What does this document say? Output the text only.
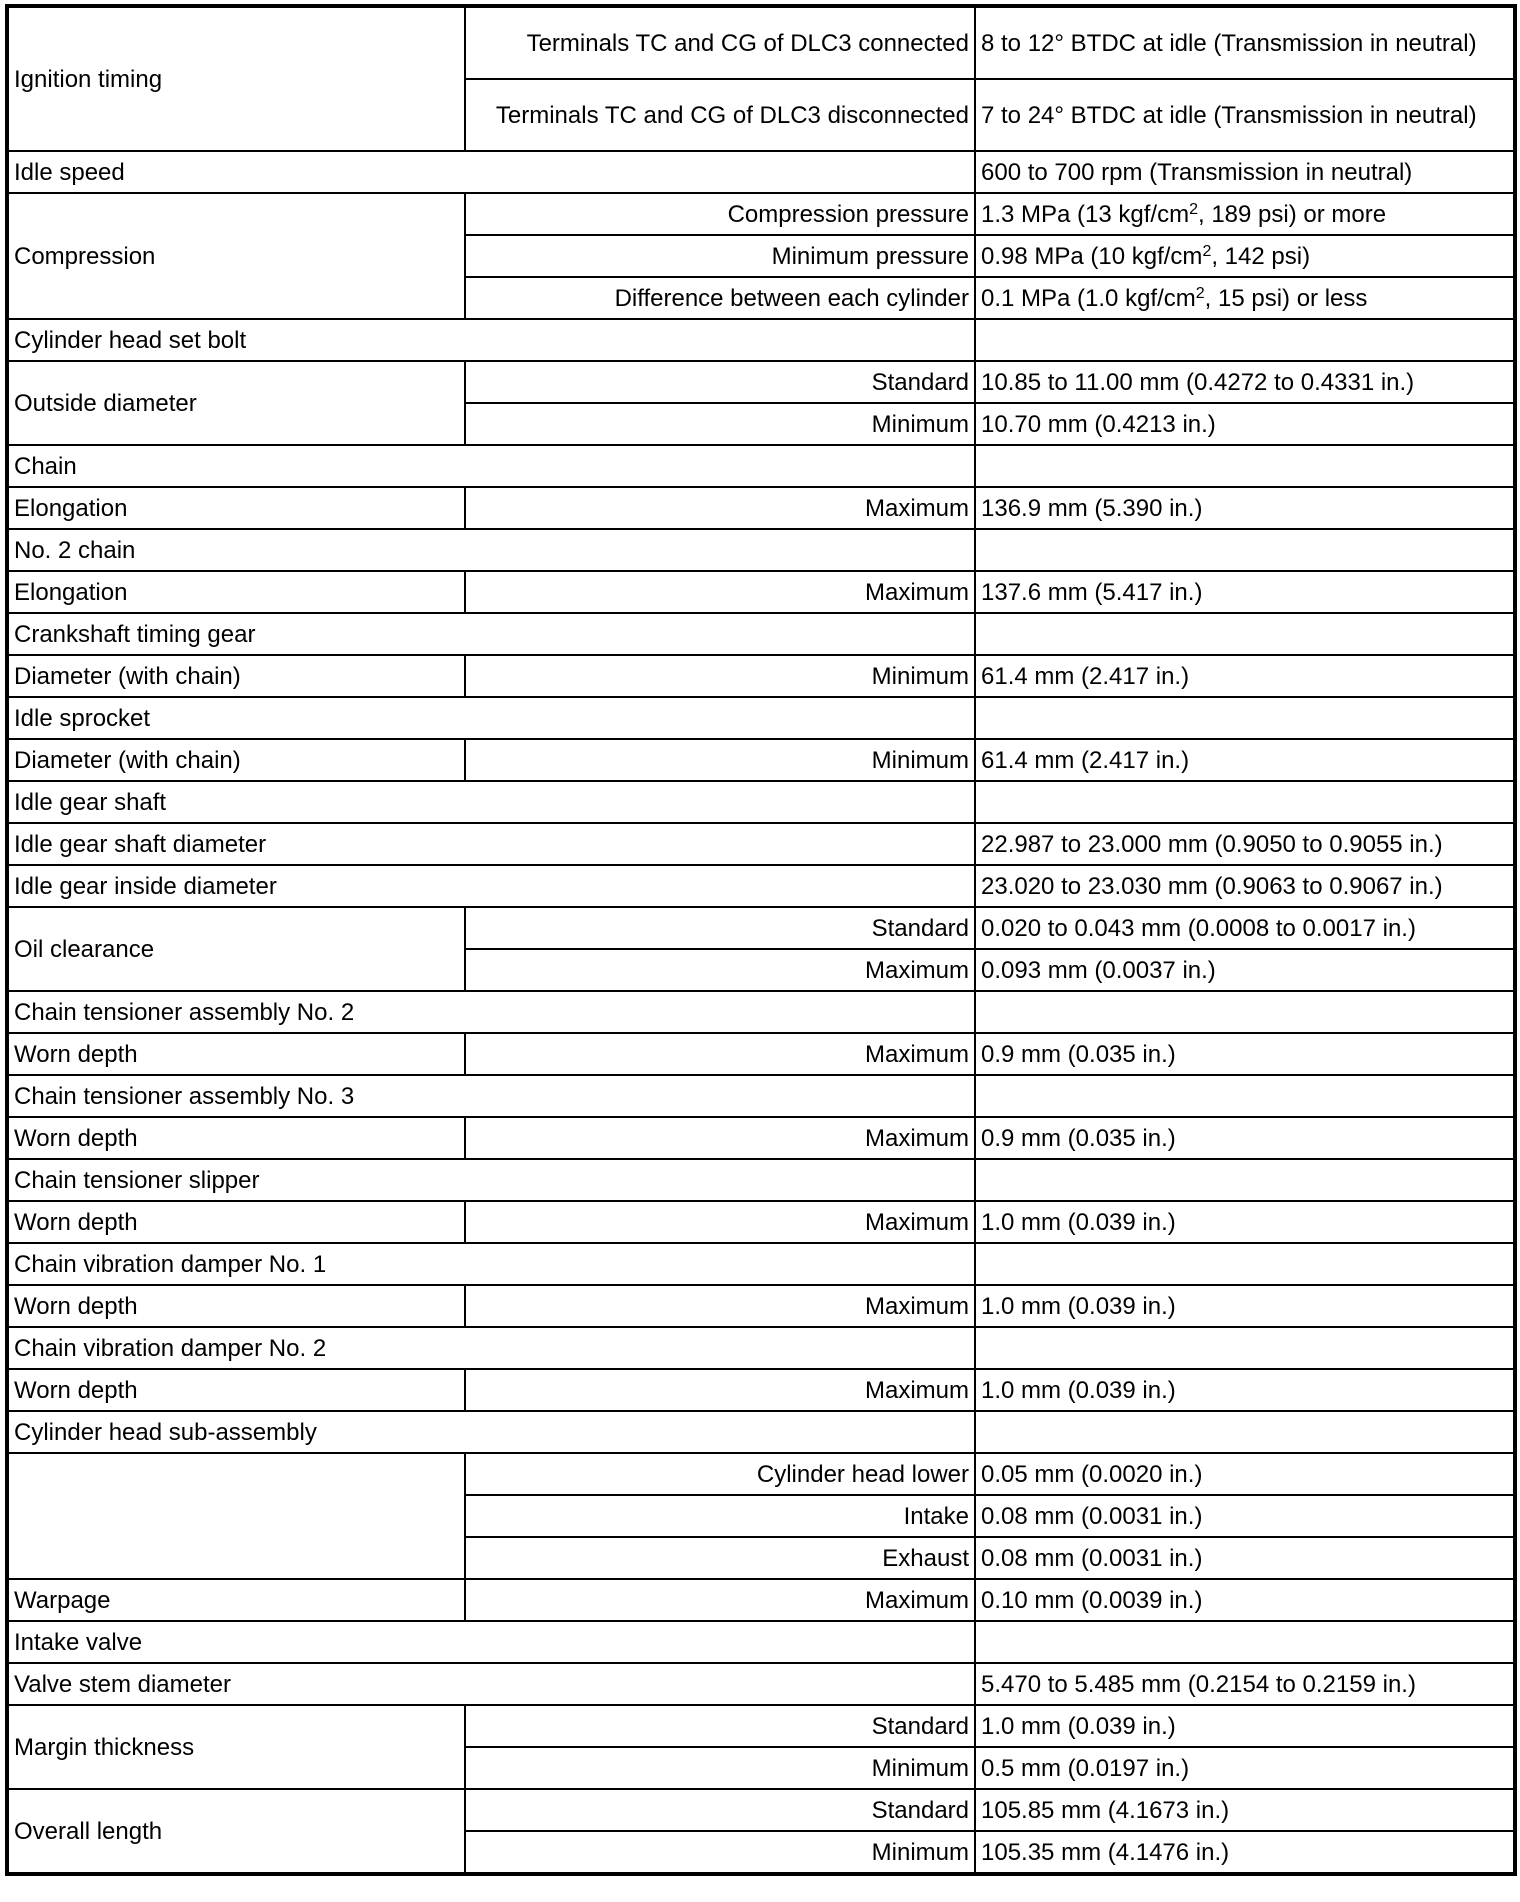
Ignition timing	Terminals TC and CG of DLC3 connected	8 to 12° BTDC at idle (Transmission in neutral)
	Terminals TC and CG of DLC3 disconnected	7 to 24° BTDC at idle (Transmission in neutral)
Idle speed		600 to 700 rpm (Transmission in neutral)
Compression	Compression pressure	1.3 MPa (13 kgf/$cm^2$, 189 psi) or more
	Minimum pressure	0.98 MPa (10 kgf/$cm^2$, 142 psi)
	Difference between each cylinder	0.1 MPa (1.0 kgf/$cm^2$, 15 psi) or less
Cylinder head set bolt		
Outside diameter	Standard	10.85 to 11.00 mm (0.4272 to 0.4331 in.)
	Minimum	10.70 mm (0.4213 in.)
Chain		
Elongation	Maximum	136.9 mm (5.390 in.)
No. 2 chain		
Elongation	Maximum	137.6 mm (5.417 in.)
Crankshaft timing gear		
Diameter (with chain)	Minimum	61.4 mm (2.417 in.)
Idle sprocket		
Diameter (with chain)	Minimum	61.4 mm (2.417 in.)
Idle gear shaft		
Idle gear shaft diameter		22.987 to 23.000 mm (0.9050 to 0.9055 in.)
Idle gear inside diameter		23.020 to 23.030 mm (0.9063 to 0.9067 in.)
Oil clearance	Standard	0.020 to 0.043 mm (0.0008 to 0.0017 in.)
	Maximum	0.093 mm (0.0037 in.)
Chain tensioner assembly No. 2		
Worn depth	Maximum	0.9 mm (0.035 in.)
Chain tensioner assembly No. 3		
Worn depth	Maximum	0.9 mm (0.035 in.)
Chain tensioner slipper		
Worn depth	Maximum	1.0 mm (0.039 in.)
Chain vibration damper No. 1		
Worn depth	Maximum	1.0 mm (0.039 in.)
Chain vibration damper No. 2		
Worn depth	Maximum	1.0 mm (0.039 in.)
Cylinder head sub-assembly		
	Cylinder head lower	0.05 mm (0.0020 in.)
	Intake	0.08 mm (0.0031 in.)
	Exhaust	0.08 mm (0.0031 in.)
Warpage	Maximum	0.10 mm (0.0039 in.)
Intake valve		
Valve stem diameter		5.470 to 5.485 mm (0.2154 to 0.2159 in.)
Margin thickness	Standard	1.0 mm (0.039 in.)
	Minimum	0.5 mm (0.0197 in.)
Overall length	Standard	105.85 mm (4.1673 in.)
	Minimum	105.35 mm (4.1476 in.)
